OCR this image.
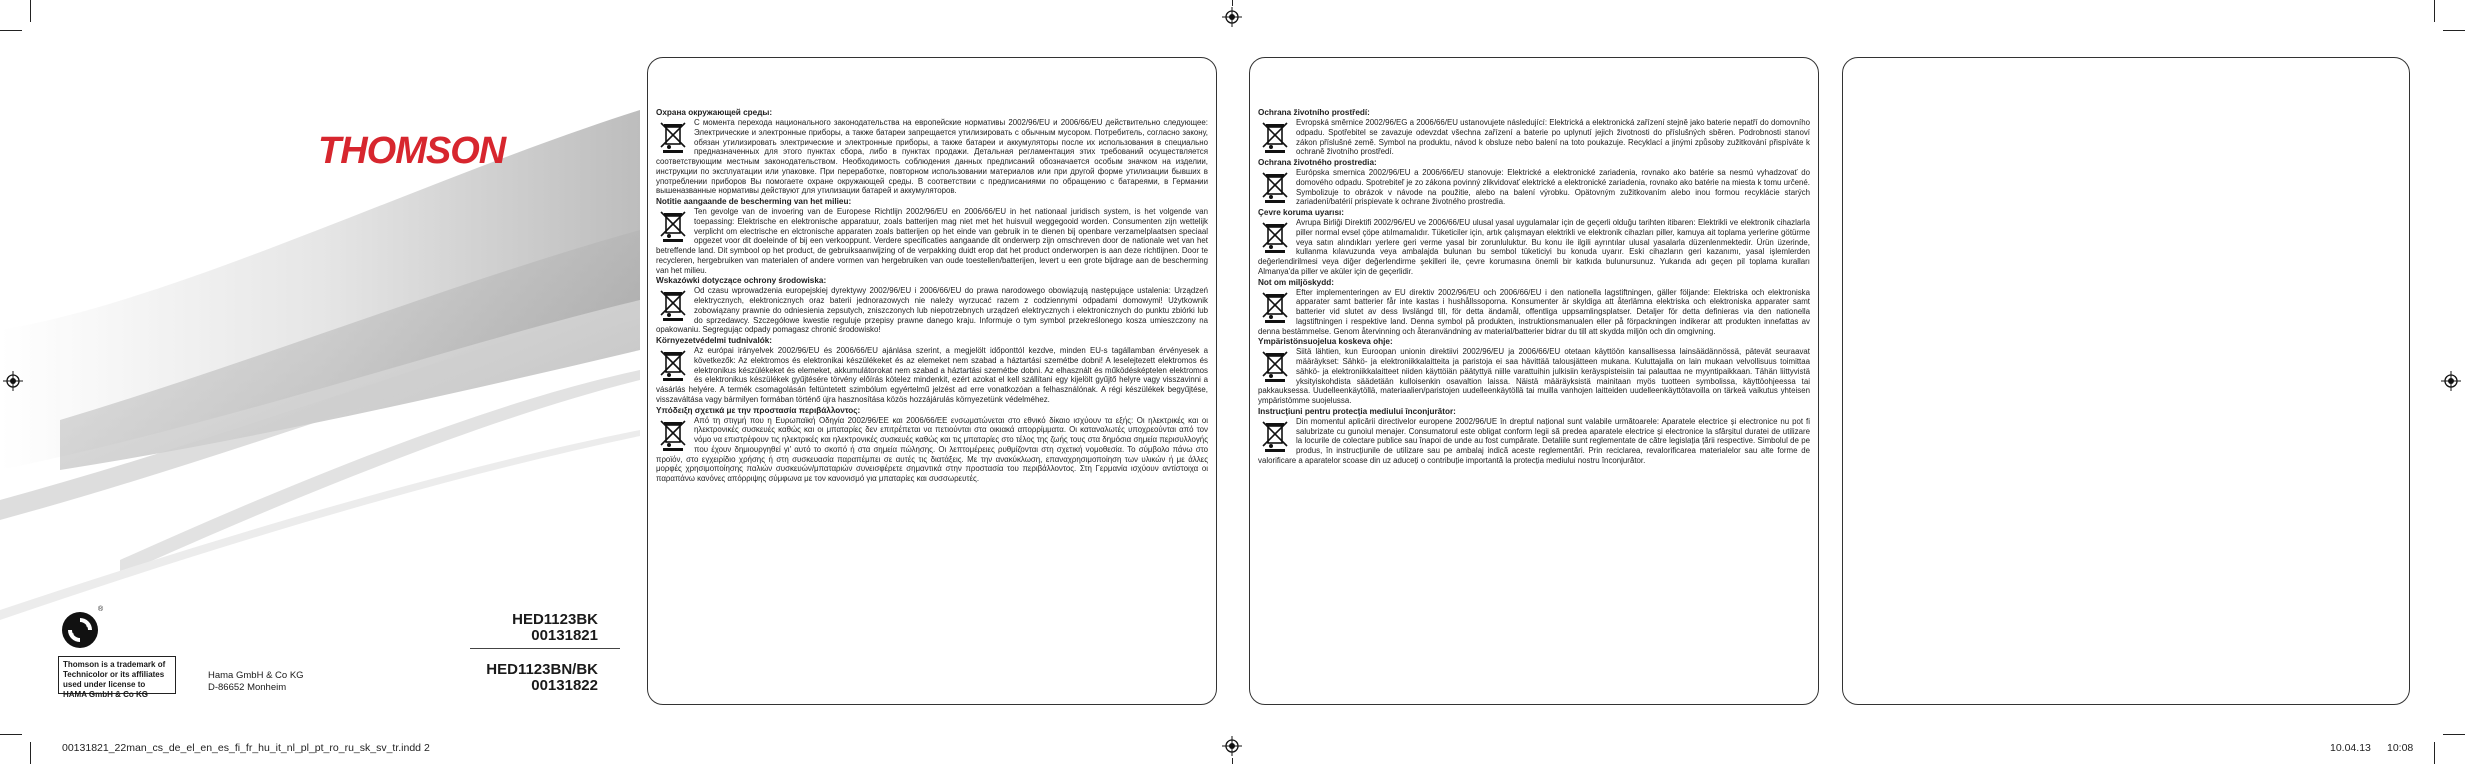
THOMSON
HED1123BK
00131821
HED1123BN/BK
00131822
Hama GmbH & Co KG
D-86652 Monheim
®
Thomson is a trademark of Technicolor or its affiliates used under license to HAMA GmbH & Co KG
Охрана окружающей среды:

С момента перехода национального законодательства на европейские нормативы 2002/96/EU и 2006/66/EU действительно следующее: Электрические и электронные приборы, а также батареи запрещается утилизировать с обычным мусором. Потребитель, согласно закону, обязан утилизировать электрические и электронные приборы, а также батареи и аккумуляторы после их использования в специально предназначенных для этого пунктах сбора, либо в пунктах продажи. Детальная регламентация этих требований осуществляется соответствующим местным законодательством. Необходимость соблюдения данных предписаний обозначается особым значком на изделии, инструкции по эксплуатации или упаковке. При переработке, повторном использовании материалов или при другой форме утилизации бывших в употреблении приборов Вы помогаете охране окружающей среды. В соответствии с предписаниями по обращению с батареями, в Германии вышеназванные нормативы действуют для утилизации батарей и аккумуляторов.

Notitie aangaande de bescherming van het milieu:

Ten gevolge van de invoering van de Europese Richtlijn 2002/96/EU en 2006/66/EU in het nationaal juridisch system, is het volgende van toepassing: Elektrische en elektronische apparatuur, zoals batterijen mag niet met het huisvuil weggegooid worden. Consumenten zijn wettelijk verplicht om electrische en elctronische apparaten zoals batterijen op het einde van gebruik in te dienen bij openbare verzamelplaatsen speciaal opgezet voor dit doeleinde of bij een verkooppunt. Verdere specificaties aangaande dit onderwerp zijn omschreven door de nationale wet van het betreffende land. Dit symbool op het product, de gebruiksaanwijzing of de verpakking duidt erop dat het product onderworpen is aan deze richtlijnen. Door te recycleren, hergebruiken van materialen of andere vormen van hergebruiken van oude toestellen/batterijen, levert u een grote bijdrage aan de bescherming van het milieu.

Wskazówki dotyczące ochrony środowiska:

Od czasu wprowadzenia europejskiej dyrektywy 2002/96/EU i 2006/66/EU do prawa narodowego obowiązują następujące ustalenia: Urządzeń elektrycznych, elektronicznych oraz baterii jednorazowych nie należy wyrzucać razem z codziennymi odpadami domowymi! Użytkownik zobowiązany prawnie do odniesienia zepsutych, zniszczonych lub niepotrzebnych urządzeń elektrycznych i elektronicznych do punktu zbiórki lub do sprzedawcy. Szczegółowe kwestie reguluje przepisy prawne danego kraju. Informuje o tym symbol przekreślonego kosza umieszczony na opakowaniu. Segregując odpady pomagasz chronić środowisko!

Környezetvédelmi tudnivalók:

Az európai irányelvek 2002/96/EU és 2006/66/EU ajánlása szerint, a megjelölt időponttól kezdve, minden EU-s tagállamban érvényesek a következők: Az elektromos és elektronikai készülékeket és az elemeket nem szabad a háztartási szemétbe dobni! A leselejtezett elektromos és elektronikus készülékeket és elemeket, akkumulátorokat nem szabad a háztartási szemétbe dobni. Az elhasznált és működésképtelen elektromos és elektronikus készülékek gyűjtésére törvény előírás kötelez mindenkit, ezért azokat el kell szállítani egy kijelölt gyűjtő helyre vagy visszavinni a vásárlás helyére. A termék csomagolásán feltüntetett szimbólum egyértelmű jelzést ad erre vonatkozóan a felhasználónak. A régi készülékek begyűjtése, visszaváltása vagy bármilyen formában történő újra hasznosítása közös hozzájárulás környezetünk védelméhez.

Υπόδειξη σχετικά με την προστασία περιβάλλοντος:

Από τη στιγμή που η Ευρωπαϊκή Οδηγία 2002/96/ΕΕ και 2006/66/ΕΕ ενσωματώνεται στο εθνικό δίκαιο ισχύουν τα εξής: Οι ηλεκτρικές και οι ηλεκτρονικές συσκευές καθώς και οι μπαταρίες δεν επιτρέπεται να πετιούνται στα οικιακά απορρίμματα. Οι καταναλωτές υποχρεούνται από τον νόμο να επιστρέφουν τις ηλεκτρικές και ηλεκτρονικές συσκευές καθώς και τις μπαταρίες στο τέλος της ζωής τους στα δημόσια σημεία περισυλλογής που έχουν δημιουργηθεί γι' αυτό το σκοπό ή στα σημεία πώλησης. Οι λεπτομέρειες ρυθμίζονται στη σχετική νομοθεσία. Το σύμβολο πάνω στο προϊόν, στο εγχειρίδιο χρήσης ή στη συσκευασία παραπέμπει σε αυτές τις διατάξεις. Με την ανακύκλωση, επαναχρησιμοποίηση των υλικών ή με άλλες μορφές χρησιμοποίησης παλιών συσκευών/μπαταριών συνεισφέρετε σημαντικά στην προστασία του περιβάλλοντος. Στη Γερμανία ισχύουν αντίστοιχα οι παραπάνω κανόνες απόρριψης σύμφωνα με τον κανονισμό για μπαταρίες και συσσωρευτές.

Ochrana životního prostředí:

Evropská směrnice 2002/96/EG a 2006/66/EU ustanovujete následující: Elektrická a elektronická zařízení stejně jako baterie nepatří do domovního odpadu. Spotřebitel se zavazuje odevzdat všechna zařízení a baterie po uplynutí jejich životnosti do příslušných sběren. Podrobnosti stanoví zákon příslušné země. Symbol na produktu, návod k obsluze nebo balení na toto poukazuje. Recyklací a jinými způsoby zužitkování přispíváte k ochraně životního prostředí.

Ochrana životného prostredia:

Európska smernica 2002/96/EU a 2006/66/EU stanovuje: Elektrické a elektronické zariadenia, rovnako ako batérie sa nesmú vyhadzovať do domového odpadu. Spotrebiteľ je zo zákona povinný zlikvidovať elektrické a elektronické zariadenia, rovnako ako batérie na miesta k tomu určené. Symbolizuje to obrázok v návode na použitie, alebo na balení výrobku. Opätovným zužitkovaním alebo inou formou recyklácie starých zariadení/batérií prispievate k ochrane životného prostredia.

Çevre koruma uyarısı:

Avrupa Birliği Direktifi 2002/96/EU ve 2006/66/EU ulusal yasal uygulamalar için de geçerli olduğu tarihten itibaren: Elektrikli ve elektronik cihazlarla piller normal evsel çöpe atılmamalıdır. Tüketiciler için, artık çalışmayan elektrikli ve elektronik cihazları piller, kamuya ait toplama yerlerine götürme veya satın alındıkları yerlere geri verme yasal bir zorunluluktur. Bu konu ile ilgili ayrıntılar ulusal yasalarla düzenlenmektedir. Ürün üzerinde, kullanma kılavuzunda veya ambalajda bulunan bu sembol tüketiciyi bu konuda uyarır. Eski cihazların geri kazanımı, yasal işlemlerden değerlendirilmesi veya diğer değerlendirme şekilleri ile, çevre korumasına önemli bir katkıda bulunursunuz. Yukarıda adı geçen pil toplama kuralları Almanya'da piller ve aküler için de geçerlidir.

Not om miljöskydd:

Efter implementeringen av EU direktiv 2002/96/EU och 2006/66/EU i den nationella lagstiftningen, gäller följande: Elektriska och elektroniska apparater samt batterier får inte kastas i hushållssoporna. Konsumenter är skyldiga att återlämna elektriska och elektroniska apparater samt batterier vid slutet av dess livslängd till, för detta ändamål, offentliga uppsamlingsplatser. Detaljer för detta definieras via den nationella lagstiftningen i respektive land. Denna symbol på produkten, instruktionsmanualen eller på förpackningen indikerar att produkten innefattas av denna bestämmelse. Genom återvinning och återanvändning av material/batterier bidrar du till att skydda miljön och din omgivning.

Ympäristönsuojelua koskeva ohje:

Siitä lähtien, kun Euroopan unionin direktiivi 2002/96/EU ja 2006/66/EU otetaan käyttöön kansallisessa lainsäädännössä, pätevät seuraavat määräykset: Sähkö- ja elektroniikkalaitteita ja paristoja ei saa hävittää talousjätteen mukana. Kuluttajalla on lain mukaan velvollisuus toimittaa sähkö- ja elektroniikkalaitteet niiden käyttöiän päätyttyä niille varattuihin julkisiin keräyspisteisiin tai palauttaa ne myyntipaikkaan. Tähän liittyvistä yksityiskohdista säädetään kulloisenkin osavaltion laissa. Näistä määräyksistä mainitaan myös tuotteen symbolissa, käyttöohjeessa tai pakkauksessa. Uudelleenkäytöllä, materiaalien/paristojen uudelleenkäytöllä tai muilla vanhojen laitteiden uudelleenkäyttötavoilla on tärkeä vaikutus yhteisen ympäristömme suojelussa.

Instrucţiuni pentru protecţia mediului înconjurător:

Din momentul aplicării directivelor europene 2002/96/UE în dreptul național sunt valabile următoarele: Aparatele electrice și electronice nu pot fi salubrizate cu gunoiul menajer. Consumatorul este obligat conform legii să predea aparatele electrice și electronice la sfârșitul duratei de utilizare la locurile de colectare publice sau înapoi de unde au fost cumpărate. Detaliile sunt reglementate de către legislația țării respective. Simbolul de pe produs, în instrucțiunile de utilizare sau pe ambalaj indică aceste reglementări. Prin reciclarea, revalorificarea materialelor sau alte forme de valorificare a aparatelor scoase din uz aduceți o contribuție importantă la protecția mediului nostru înconjurător.

00131821_22man_cs_de_el_en_es_fi_fr_hu_it_nl_pl_pt_ro_ru_sk_sv_tr.indd 2	10.04.13 10:08
